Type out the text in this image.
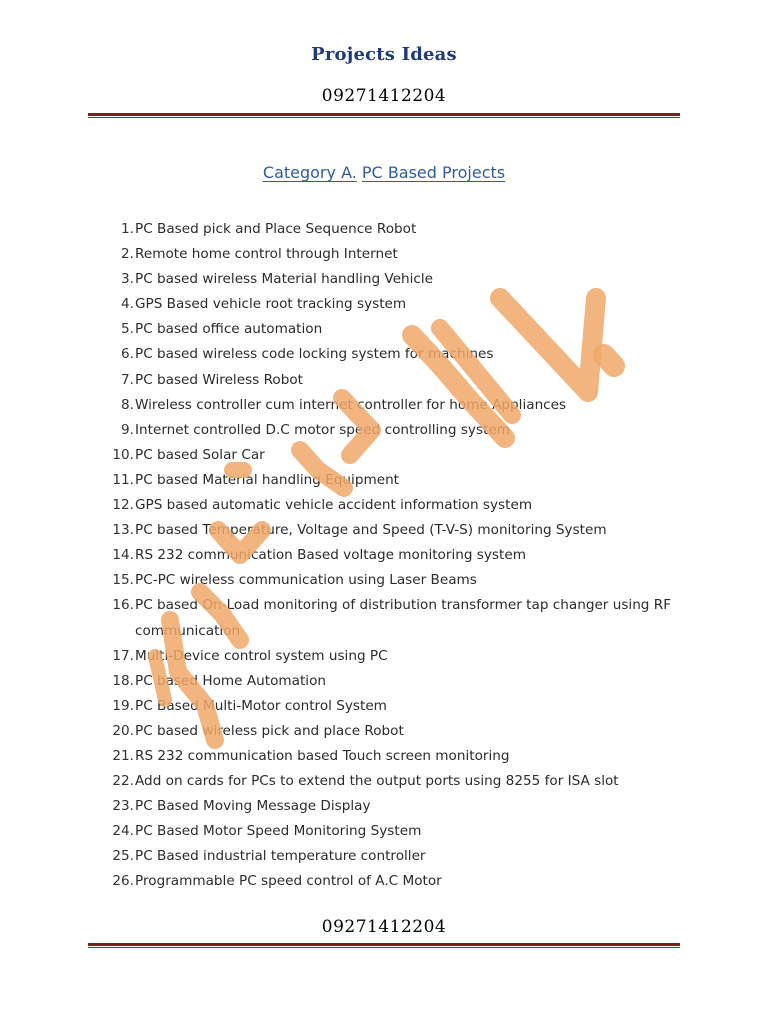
Projects Ideas
09271412204
Category A. PC Based Projects
1. PC Based pick and Place Sequence Robot
2. Remote home control through Internet
3. PC based wireless Material handling Vehicle
4. GPS Based vehicle root tracking system
5. PC based office automation
6. PC based wireless code locking system for machines
7. PC based Wireless Robot
8. Wireless controller cum internet controller for home Appliances
9. Internet controlled D.C motor speed controlling system
10. PC based Solar Car
11. PC based Material handling Equipment
12. GPS based automatic vehicle accident information system
13. PC based Temperature, Voltage and Speed (T-V-S) monitoring System
14. RS 232 communication Based voltage monitoring system
15. PC-PC wireless communication using Laser Beams
16. PC based On-Load monitoring of distribution transformer tap changer using RF communication
17. Multi-Device control system using PC
18. PC based Home Automation
19. PC Based Multi-Motor control System
20. PC based wireless pick and place Robot
21. RS 232 communication based Touch screen monitoring
22. Add on cards for PCs to extend the output ports using 8255 for ISA slot
23. PC Based Moving Message Display
24. PC Based Motor Speed Monitoring System
25. PC Based industrial temperature controller
26. Programmable PC speed control of A.C Motor
09271412204
